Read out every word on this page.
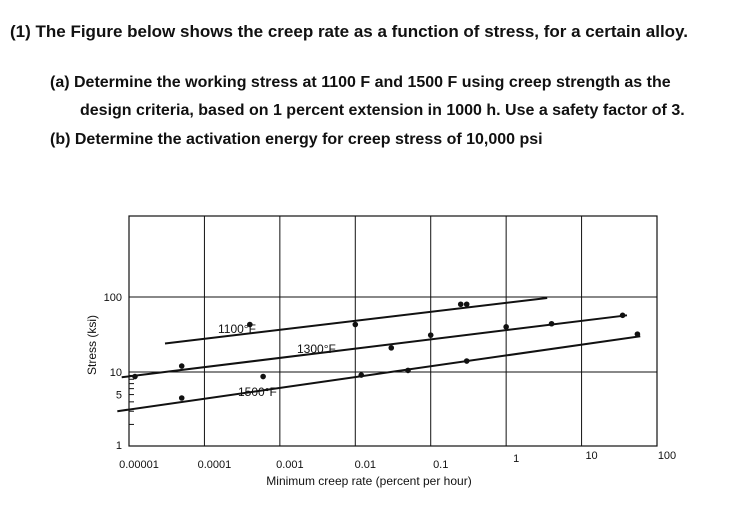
(1) The Figure below shows the creep rate as a function of stress, for a certain alloy.

(a) Determine the working stress at 1100 F and 1500 F using creep strength as the

design criteria, based on 1 percent extension in 1000 h. Use a safety factor of 3.

(b) Determine the activation energy for creep stress of 10,000 psi

0.00001	0.0001	0.001	0.01	0.1	1	10	100
1
5
10
100
Minimum creep rate (percent per hour)
Stress (ksi)	1100°F
1300°F
1500°F
